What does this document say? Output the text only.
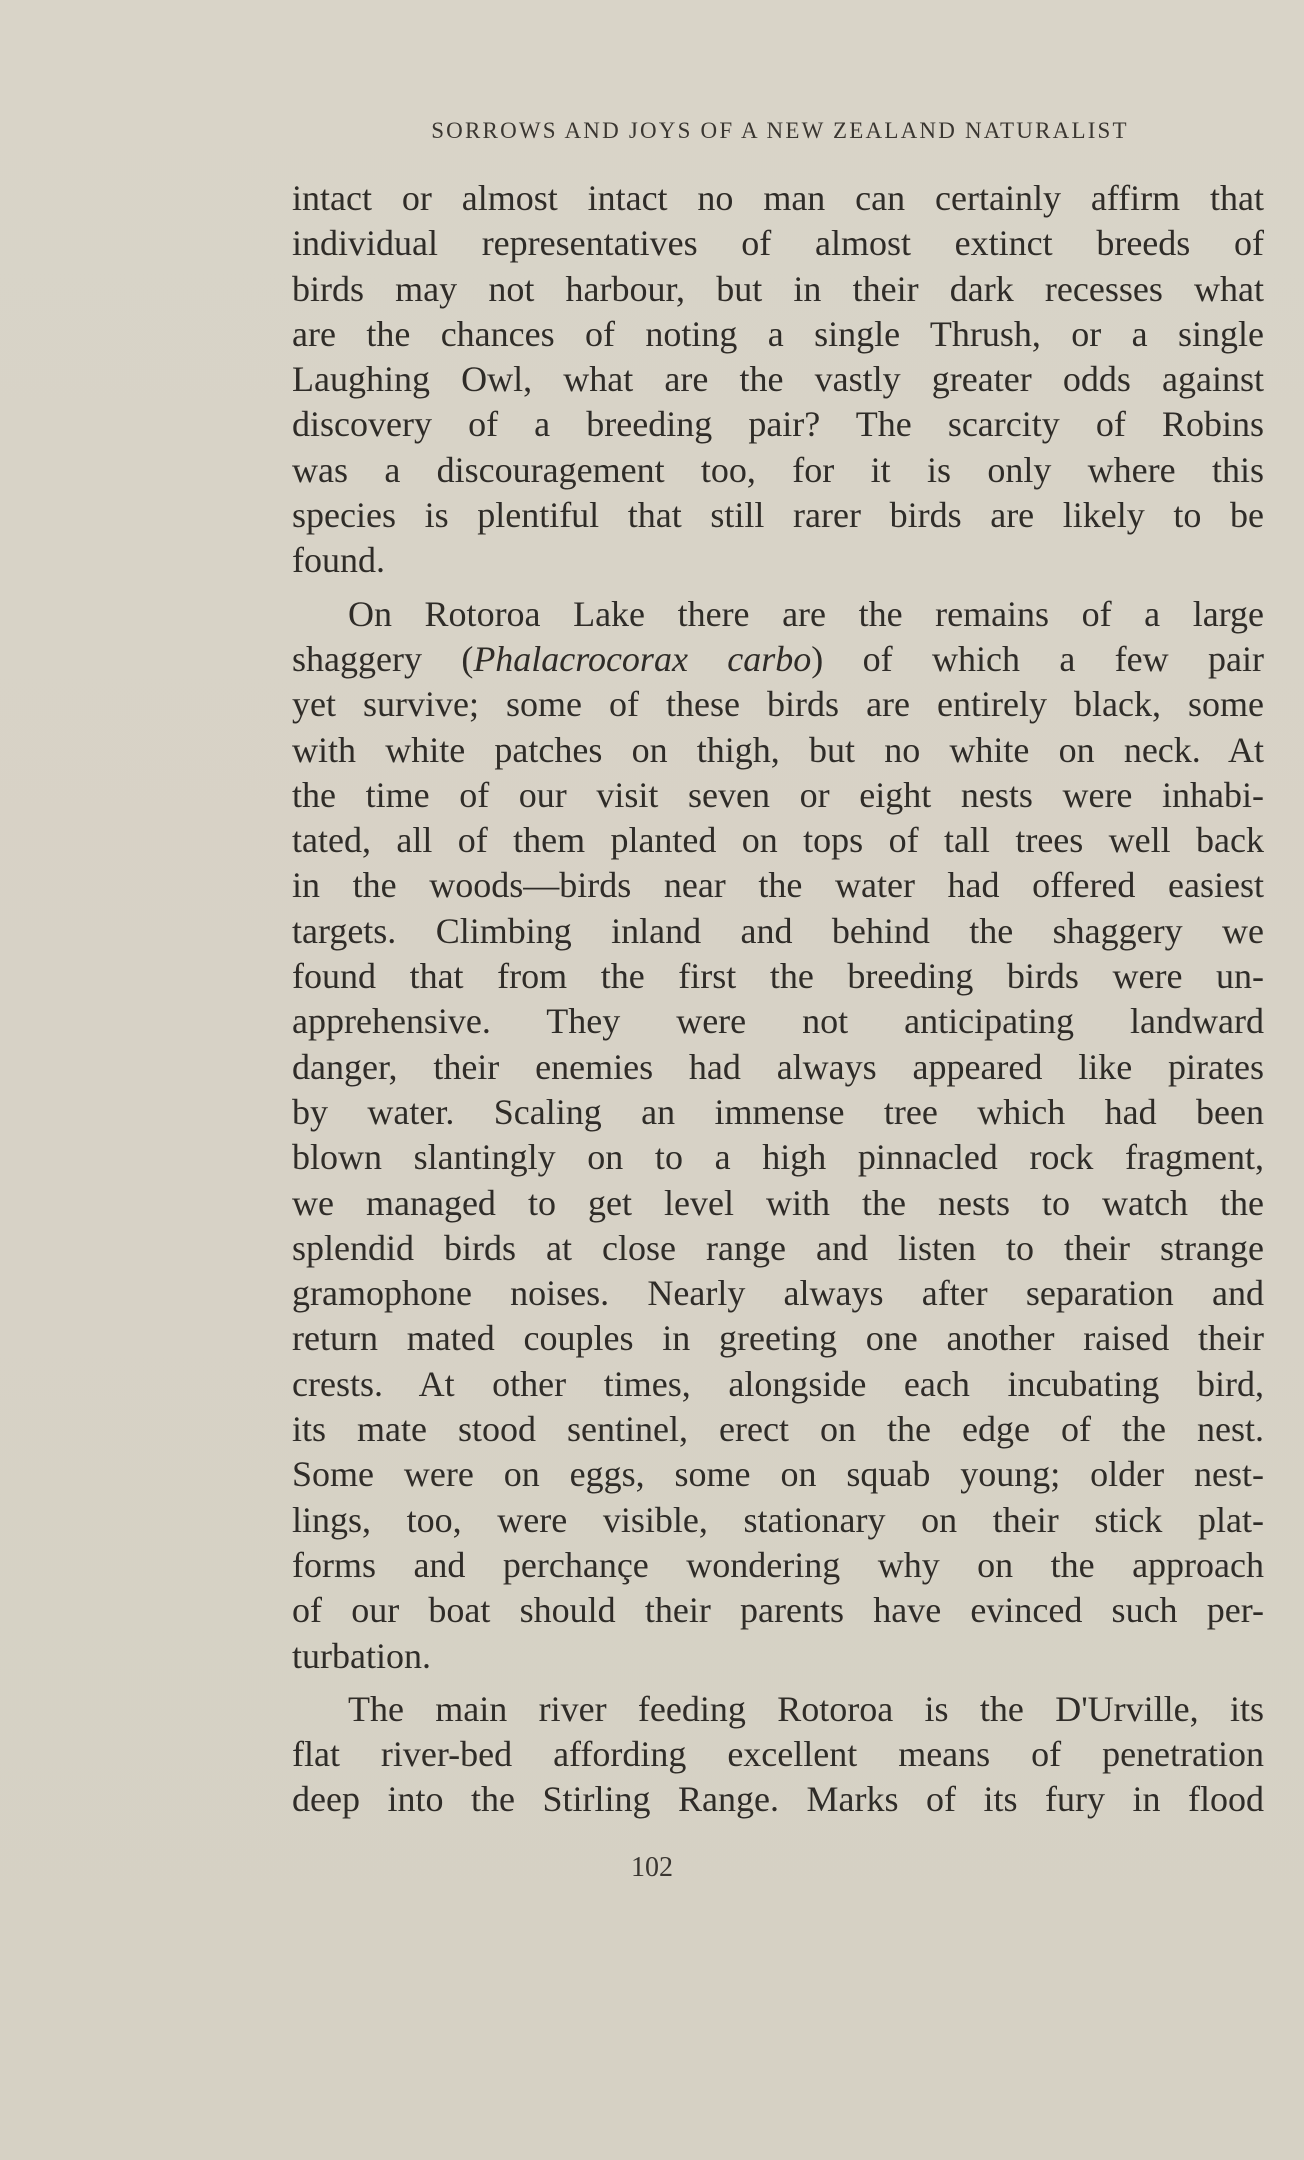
SORROWS AND JOYS OF A NEW ZEALAND NATURALIST

intact or almost intact no man can certainly affirm that
individual representatives of almost extinct breeds of
birds may not harbour, but in their dark recesses what
are the chances of noting a single Thrush, or a single
Laughing Owl, what are the vastly greater odds against
discovery of a breeding pair? The scarcity of Robins
was a discouragement too, for it is only where this
species is plentiful that still rarer birds are likely to be
found.

On Rotoroa Lake there are the remains of a large
shaggery (Phalacrocorax carbo) of which a few pair
yet survive; some of these birds are entirely black, some
with white patches on thigh, but no white on neck. At
the time of our visit seven or eight nests were inhabi-
tated, all of them planted on tops of tall trees well back
in the woods—birds near the water had offered easiest
targets. Climbing inland and behind the shaggery we
found that from the first the breeding birds were un-
apprehensive. They were not anticipating landward
danger, their enemies had always appeared like pirates
by water. Scaling an immense tree which had been
blown slantingly on to a high pinnacled rock fragment,
we managed to get level with the nests to watch the
splendid birds at close range and listen to their strange
gramophone noises. Nearly always after separation and
return mated couples in greeting one another raised their
crests. At other times, alongside each incubating bird,
its mate stood sentinel, erect on the edge of the nest.
Some were on eggs, some on squab young; older nest-
lings, too, were visible, stationary on their stick plat-
forms and perchançe wondering why on the approach
of our boat should their parents have evinced such per-
turbation.

The main river feeding Rotoroa is the D'Urville, its
flat river-bed affording excellent means of penetration
deep into the Stirling Range. Marks of its fury in flood

102
